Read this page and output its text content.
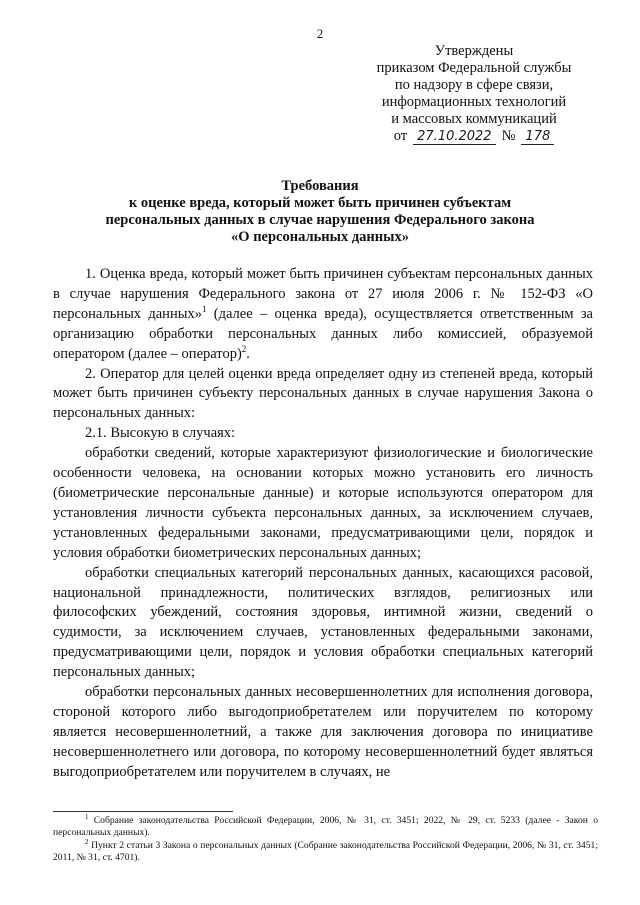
2
Утверждены
приказом Федеральной службы
по надзору в сфере связи,
информационных технологий
и массовых коммуникаций
от 27.10.2022 № 178
Требования
к оценке вреда, который может быть причинен субъектам
персональных данных в случае нарушения Федерального закона
«О персональных данных»

1. Оценка вреда, который может быть причинен субъектам персональных данных в случае нарушения Федерального закона от 27 июля 2006 г. № 152-ФЗ «О персональных данных»$^1$ (далее – оценка вреда), осуществляется ответственным за организацию обработки персональных данных либо комиссией, образуемой оператором (далее – оператор)$^2$.

2. Оператор для целей оценки вреда определяет одну из степеней вреда, который может быть причинен субъекту персональных данных в случае нарушения Закона о персональных данных:

2.1. Высокую в случаях:

обработки сведений, которые характеризуют физиологические и биологические особенности человека, на основании которых можно установить его личность (биометрические персональные данные) и которые используются оператором для установления личности субъекта персональных данных, за исключением случаев, установленных федеральными законами, предусматривающими цели, порядок и условия обработки биометрических персональных данных;

обработки специальных категорий персональных данных, касающихся расовой, национальной принадлежности, политических взглядов, религиозных или философских убеждений, состояния здоровья, интимной жизни, сведений о судимости, за исключением случаев, установленных федеральными законами, предусматривающими цели, порядок и условия обработки специальных категорий персональных данных;

обработки персональных данных несовершеннолетних для исполнения договора, стороной которого либо выгодоприобретателем или поручителем по которому является несовершеннолетний, а также для заключения договора по инициативе несовершеннолетнего или договора, по которому несовершеннолетний будет являться выгодоприобретателем или поручителем в случаях, не

$^1$ Собрание законодательства Российской Федерации, 2006, № 31, ст. 3451; 2022, № 29, ст. 5233 (далее - Закон о персональных данных).

$^2$ Пункт 2 статьи 3 Закона о персональных данных (Собрание законодательства Российской Федерации, 2006, № 31, ст. 3451; 2011, № 31, ст. 4701).
